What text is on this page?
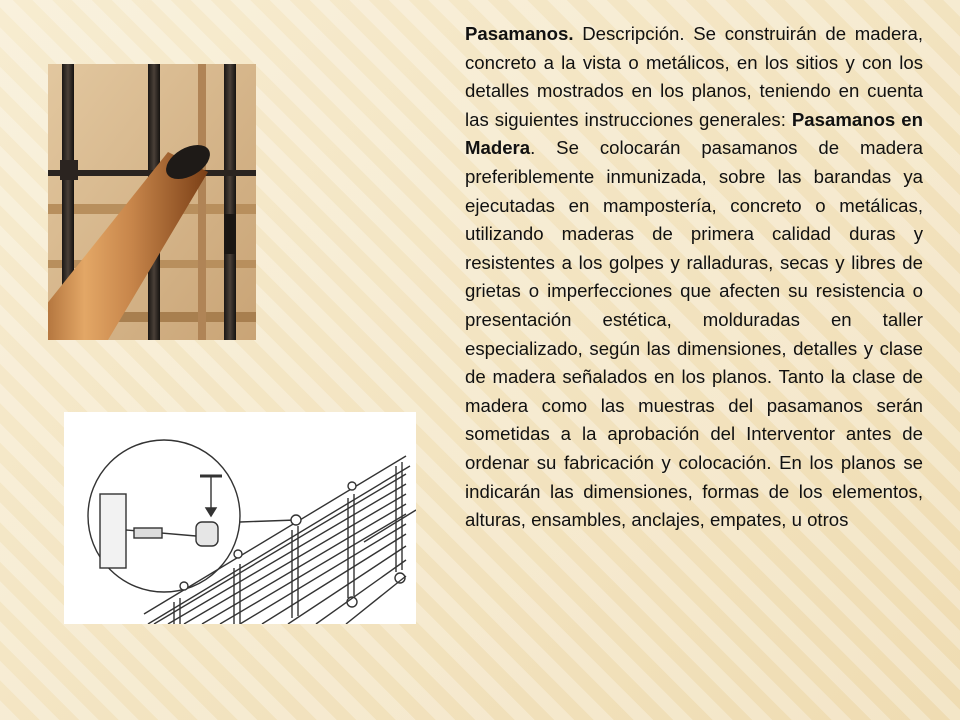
Pasamanos. Descripción. Se construirán de madera, concreto a la vista o metálicos, en los sitios y con los detalles mostrados en los planos, teniendo en cuenta las siguientes instrucciones generales: Pasamanos en Madera. Se colocarán pasamanos de madera preferiblemente inmunizada, sobre las barandas ya ejecutadas en mampostería, concreto o metálicas, utilizando maderas de primera calidad duras y resistentes a los golpes y ralladuras, secas y libres de grietas o imperfecciones que afecten su resistencia o presentación estética, molduradas en taller especializado, según las dimensiones, detalles y clase de madera señalados en los planos. Tanto la clase de madera como las muestras del pasamanos serán sometidas a la aprobación del Interventor antes de ordenar su fabricación y colocación. En los planos se indicarán las dimensiones, formas de los elementos, alturas, ensambles, anclajes, empates, u otros
